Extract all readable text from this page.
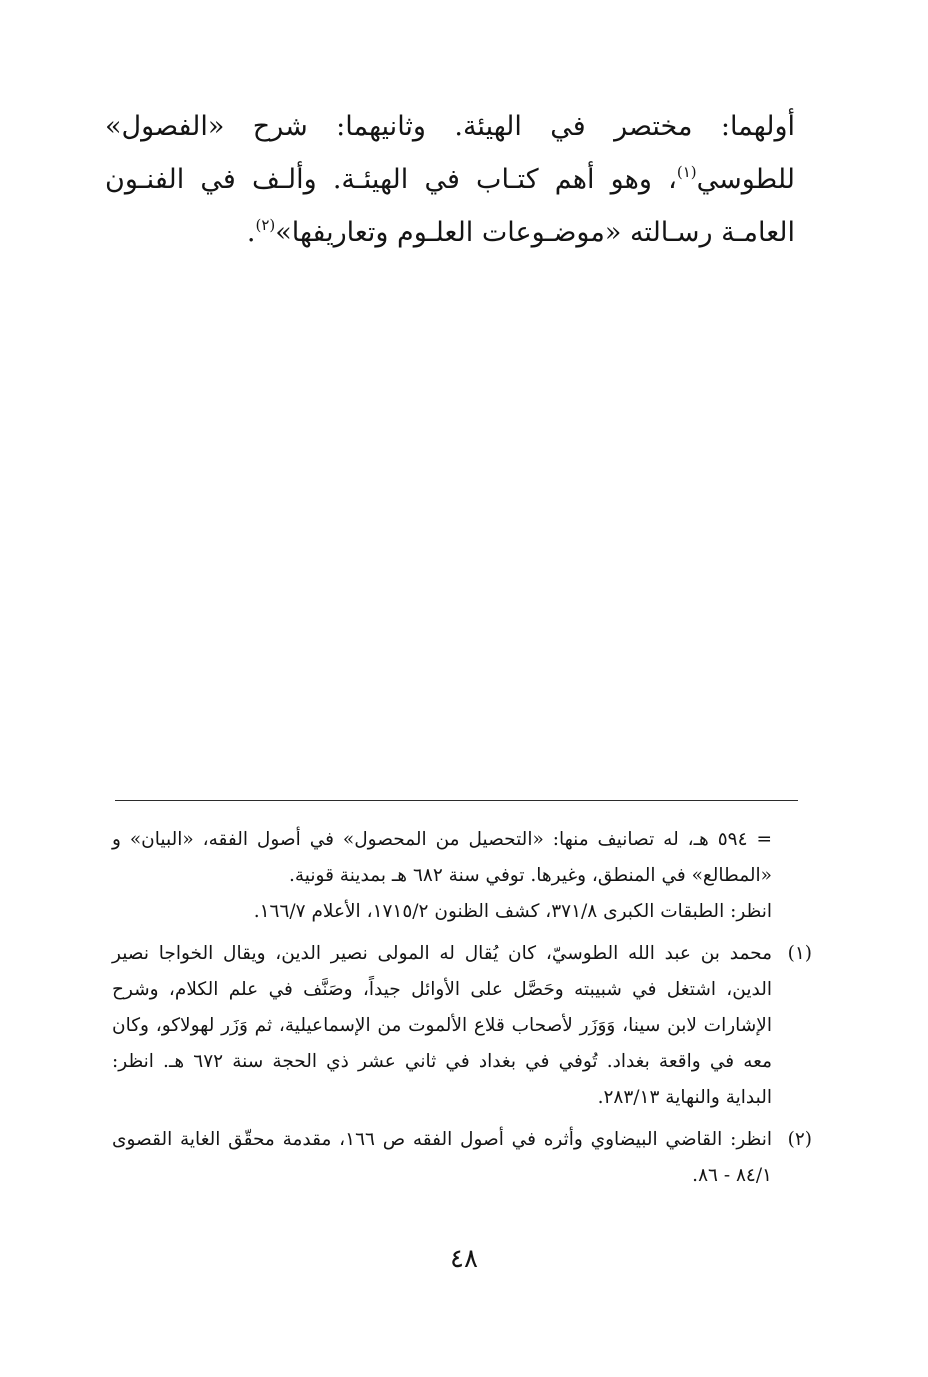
أولهما: مختصر في الهيئة. وثانيهما: شرح «الفصول» للطوسي$^{(١)}$، وهو أهم كتـاب في الهيئـة. وألـف في الفنـون العامـة رسـالته «موضـوعات العلـوم وتعاريفها»$^{(٢)}$.

= ٥٩٤ هـ، له تصانيف منها: «التحصيل من المحصول» في أصول الفقه، «البيان» و «المطالع» في المنطق، وغيرها. توفي سنة ٦٨٢ هـ بمدينة قونية.

انظر: الطبقات الكبرى ٣٧١/٨، كشف الظنون ١٧١٥/٢، الأعلام ١٦٦/٧.

(١)
محمد بن عبد الله الطوسيّ، كان يُقال له المولى نصير الدين، ويقال الخواجا نصير الدين، اشتغل في شبيبته وحَصَّل على الأوائل جيداً، وصَنَّف في علم الكلام، وشرح الإشارات لابن سينا، وَوَزَر لأصحاب قلاع الألموت من الإسماعيلية، ثم وَزَر لهولاكو، وكان معه في واقعة بغداد. تُوفي في بغداد في ثاني عشر ذي الحجة سنة ٦٧٢ هـ. انظر: البداية والنهاية ٢٨٣/١٣.
(٢)
انظر: القاضي البيضاوي وأثره في أصول الفقه ص ١٦٦، مقدمة محقّق الغاية القصوى ٨٤/١ - ٨٦.
٤٨
